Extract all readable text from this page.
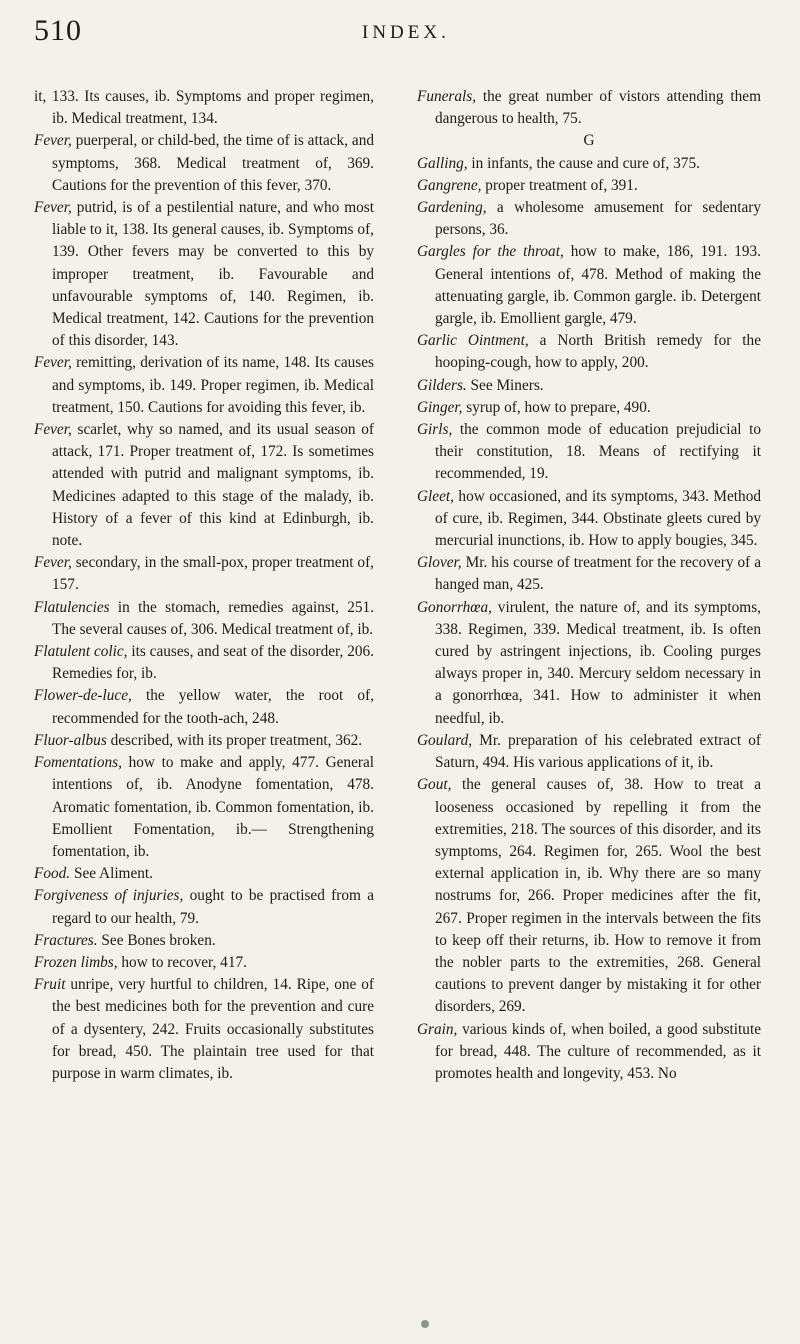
510	INDEX.

it, 133. Its causes, ib. Symptoms and proper regimen, ib. Medical treatment, 134.

Fever, puerperal, or child-bed, the time of is attack, and symptoms, 368. Medical treatment of, 369. Cautions for the prevention of this fever, 370.

Fever, putrid, is of a pestilential nature, and who most liable to it, 138. Its general causes, ib. Symptoms of, 139. Other fevers may be converted to this by improper treatment, ib. Favourable and unfavourable symptoms of, 140. Regimen, ib. Medical treatment, 142. Cautions for the prevention of this disorder, 143.

Fever, remitting, derivation of its name, 148. Its causes and symptoms, ib. 149. Proper regimen, ib. Medical treatment, 150. Cautions for avoiding this fever, ib.

Fever, scarlet, why so named, and its usual season of attack, 171. Proper treatment of, 172. Is sometimes attended with putrid and malignant symptoms, ib. Medicines adapted to this stage of the malady, ib. History of a fever of this kind at Edinburgh, ib. note.

Fever, secondary, in the small-pox, proper treatment of, 157.

Flatulencies in the stomach, remedies against, 251. The several causes of, 306. Medical treatment of, ib.

Flatulent colic, its causes, and seat of the disorder, 206. Remedies for, ib.

Flower-de-luce, the yellow water, the root of, recommended for the tooth-ach, 248.

Fluor-albus described, with its proper treatment, 362.

Fomentations, how to make and apply, 477. General intentions of, ib. Anodyne fomentation, 478. Aromatic fomentation, ib. Common fomentation, ib. Emollient Fomentation, ib.— Strengthening fomentation, ib.

Food. See Aliment.

Forgiveness of injuries, ought to be practised from a regard to our health, 79.

Fractures. See Bones broken.

Frozen limbs, how to recover, 417.

Fruit unripe, very hurtful to children, 14. Ripe, one of the best medicines both for the prevention and cure of a dysentery, 242. Fruits occasionally substitutes for bread, 450. The plaintain tree used for that purpose in warm climates, ib.

Funerals, the great number of vistors attending them dangerous to health, 75.

G

Galling, in infants, the cause and cure of, 375.

Gangrene, proper treatment of, 391.

Gardening, a wholesome amusement for sedentary persons, 36.

Gargles for the throat, how to make, 186, 191. 193. General intentions of, 478. Method of making the attenuating gargle, ib. Common gargle. ib. Detergent gargle, ib. Emollient gargle, 479.

Garlic Ointment, a North British remedy for the hooping-cough, how to apply, 200.

Gilders. See Miners.

Ginger, syrup of, how to prepare, 490.

Girls, the common mode of education prejudicial to their constitution, 18. Means of rectifying it recommended, 19.

Gleet, how occasioned, and its symptoms, 343. Method of cure, ib. Regimen, 344. Obstinate gleets cured by mercurial inunctions, ib. How to apply bougies, 345.

Glover, Mr. his course of treatment for the recovery of a hanged man, 425.

Gonorrhœa, virulent, the nature of, and its symptoms, 338. Regimen, 339. Medical treatment, ib. Is often cured by astringent injections, ib. Cooling purges always proper in, 340. Mercury seldom necessary in a gonorrhœa, 341. How to administer it when needful, ib.

Goulard, Mr. preparation of his celebrated extract of Saturn, 494. His various applications of it, ib.

Gout, the general causes of, 38. How to treat a looseness occasioned by repelling it from the extremities, 218. The sources of this disorder, and its symptoms, 264. Regimen for, 265. Wool the best external application in, ib. Why there are so many nostrums for, 266. Proper medicines after the fit, 267. Proper regimen in the intervals between the fits to keep off their returns, ib. How to remove it from the nobler parts to the extremities, 268. General cautions to prevent danger by mistaking it for other disorders, 269.

Grain, various kinds of, when boiled, a good substitute for bread, 448. The culture of recommended, as it promotes health and longevity, 453. No
